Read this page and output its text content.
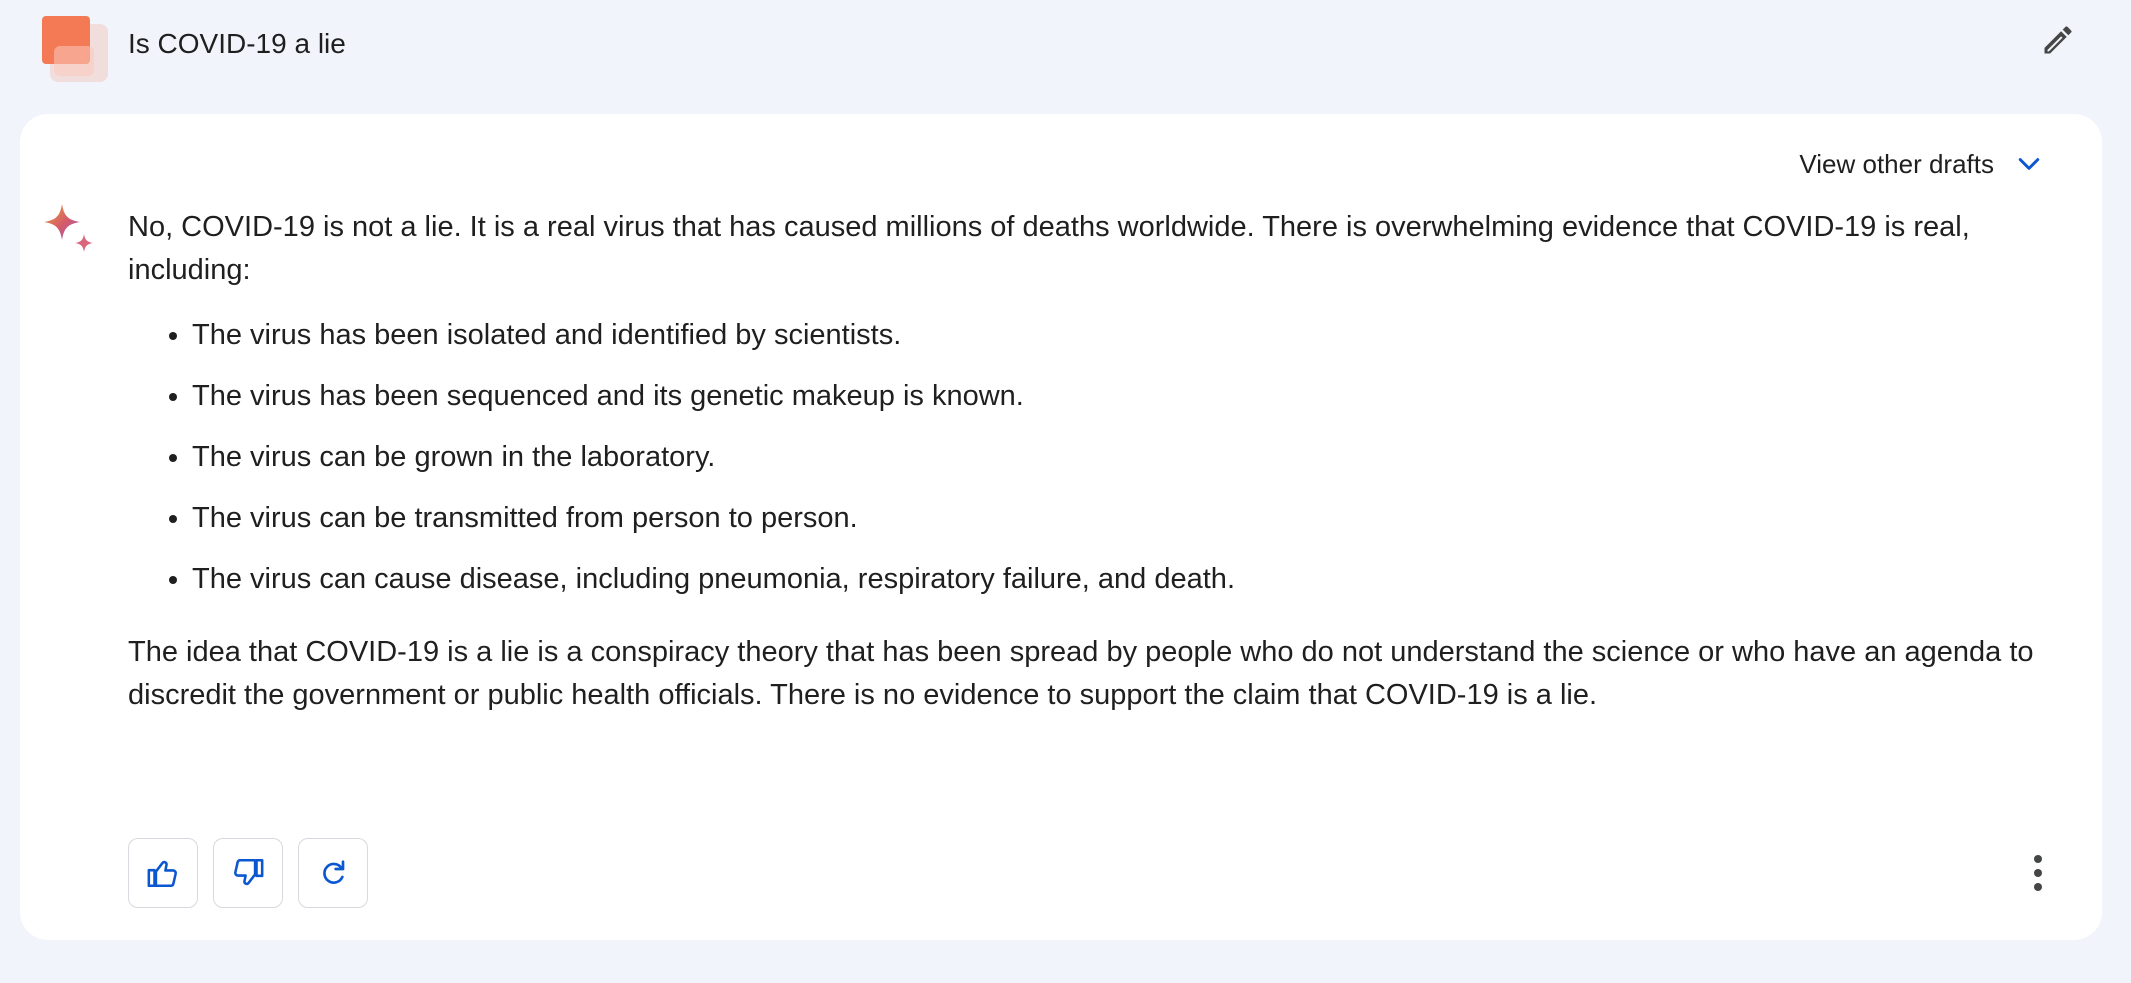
Is COVID-19 a lie
View other drafts

No, COVID-19 is not a lie. It is a real virus that has caused millions of deaths worldwide. There is overwhelming evidence that COVID-19 is real, including:

• The virus has been isolated and identified by scientists.
• The virus has been sequenced and its genetic makeup is known.
• The virus can be grown in the laboratory.
• The virus can be transmitted from person to person.
• The virus can cause disease, including pneumonia, respiratory failure, and death.

The idea that COVID-19 is a lie is a conspiracy theory that has been spread by people who do not understand the science or who have an agenda to discredit the government or public health officials. There is no evidence to support the claim that COVID-19 is a lie.
